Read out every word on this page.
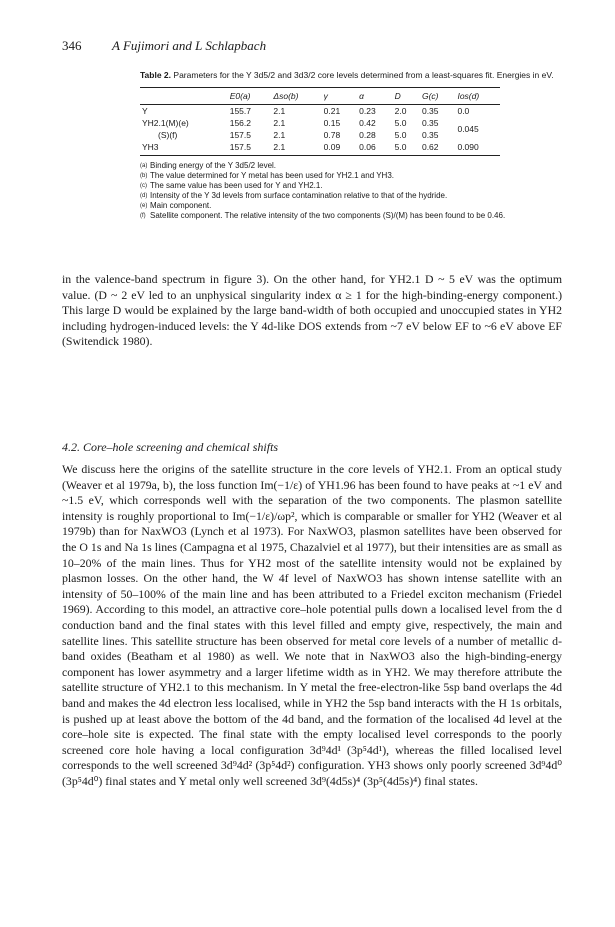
346 A Fujimori and L Schlapbach
Table 2. Parameters for the Y 3d5/2 and 3d3/2 core levels determined from a least-squares fit. Energies in eV.
	E0(a)	Δso(b)	γ	α	D	G(c)	Ios(d)
Y	155.7	2.1	0.21	0.23	2.0	0.35	0.0
YH2.1(M)(e)	156.2	2.1	0.15	0.42	5.0	0.35	0.045
(S)(f)	157.5	2.1	0.78	0.28	5.0	0.35	
YH3	157.5	2.1	0.09	0.06	5.0	0.62	0.090
(a) Binding energy of the Y 3d5/2 level.
(b) The value determined for Y metal has been used for YH2.1 and YH3.
(c) The same value has been used for Y and YH2.1.
(d) Intensity of the Y 3d levels from surface contamination relative to that of the hydride.
(e) Main component.
(f) Satellite component. The relative intensity of the two components (S)/(M) has been found to be 0.46.
in the valence-band spectrum in figure 3). On the other hand, for YH2.1 D ~ 5 eV was the optimum value. (D ~ 2 eV led to an unphysical singularity index α ≥ 1 for the high-binding-energy component.) This large D would be explained by the large band-width of both occupied and unoccupied states in YH2 including hydrogen-induced levels: the Y 4d-like DOS extends from ~7 eV below EF to ~6 eV above EF (Switendick 1980).
4.2. Core–hole screening and chemical shifts

We discuss here the origins of the satellite structure in the core levels of YH2.1. From an optical study (Weaver et al 1979a, b), the loss function Im(−1/ε) of YH1.96 has been found to have peaks at ~1 eV and ~1.5 eV, which corresponds well with the separation of the two components. The plasmon satellite intensity is roughly proportional to Im(−1/ε)/ωp², which is comparable or smaller for YH2 (Weaver et al 1979b) than for NaxWO3 (Lynch et al 1973). For NaxWO3, plasmon satellites have been observed for the O 1s and Na 1s lines (Campagna et al 1975, Chazalviel et al 1977), but their intensities are as small as 10–20% of the main lines. Thus for YH2 most of the satellite intensity would not be explained by plasmon losses. On the other hand, the W 4f level of NaxWO3 has shown intense satellite with an intensity of 50–100% of the main line and has been attributed to a Friedel exciton mechanism (Friedel 1969). According to this model, an attractive core–hole potential pulls down a localised level from the d conduction band and the final states with this level filled and empty give, respectively, the main and satellite lines. This satellite structure has been observed for metal core levels of a number of metallic d-band oxides (Beatham et al 1980) as well. We note that in NaxWO3 also the high-binding-energy component has lower asymmetry and a larger lifetime width as in YH2. We may therefore attribute the satellite structure of YH2.1 to this mechanism. In Y metal the free-electron-like 5sp band overlaps the 4d band and makes the 4d electron less localised, while in YH2 the 5sp band interacts with the H 1s orbitals, is pushed up at least above the bottom of the 4d band, and the formation of the localised 4d level at the core–hole site is expected. The final state with the empty localised level corresponds to the poorly screened core hole having a local configuration 3d⁹4d¹ (3p⁵4d¹), whereas the filled localised level corresponds to the well screened 3d⁹4d² (3p⁵4d²) configuration. YH3 shows only poorly screened 3d⁹4d⁰ (3p⁵4d⁰) final states and Y metal only well screened 3d⁹(4d5s)⁴ (3p⁵(4d5s)⁴) final states.
